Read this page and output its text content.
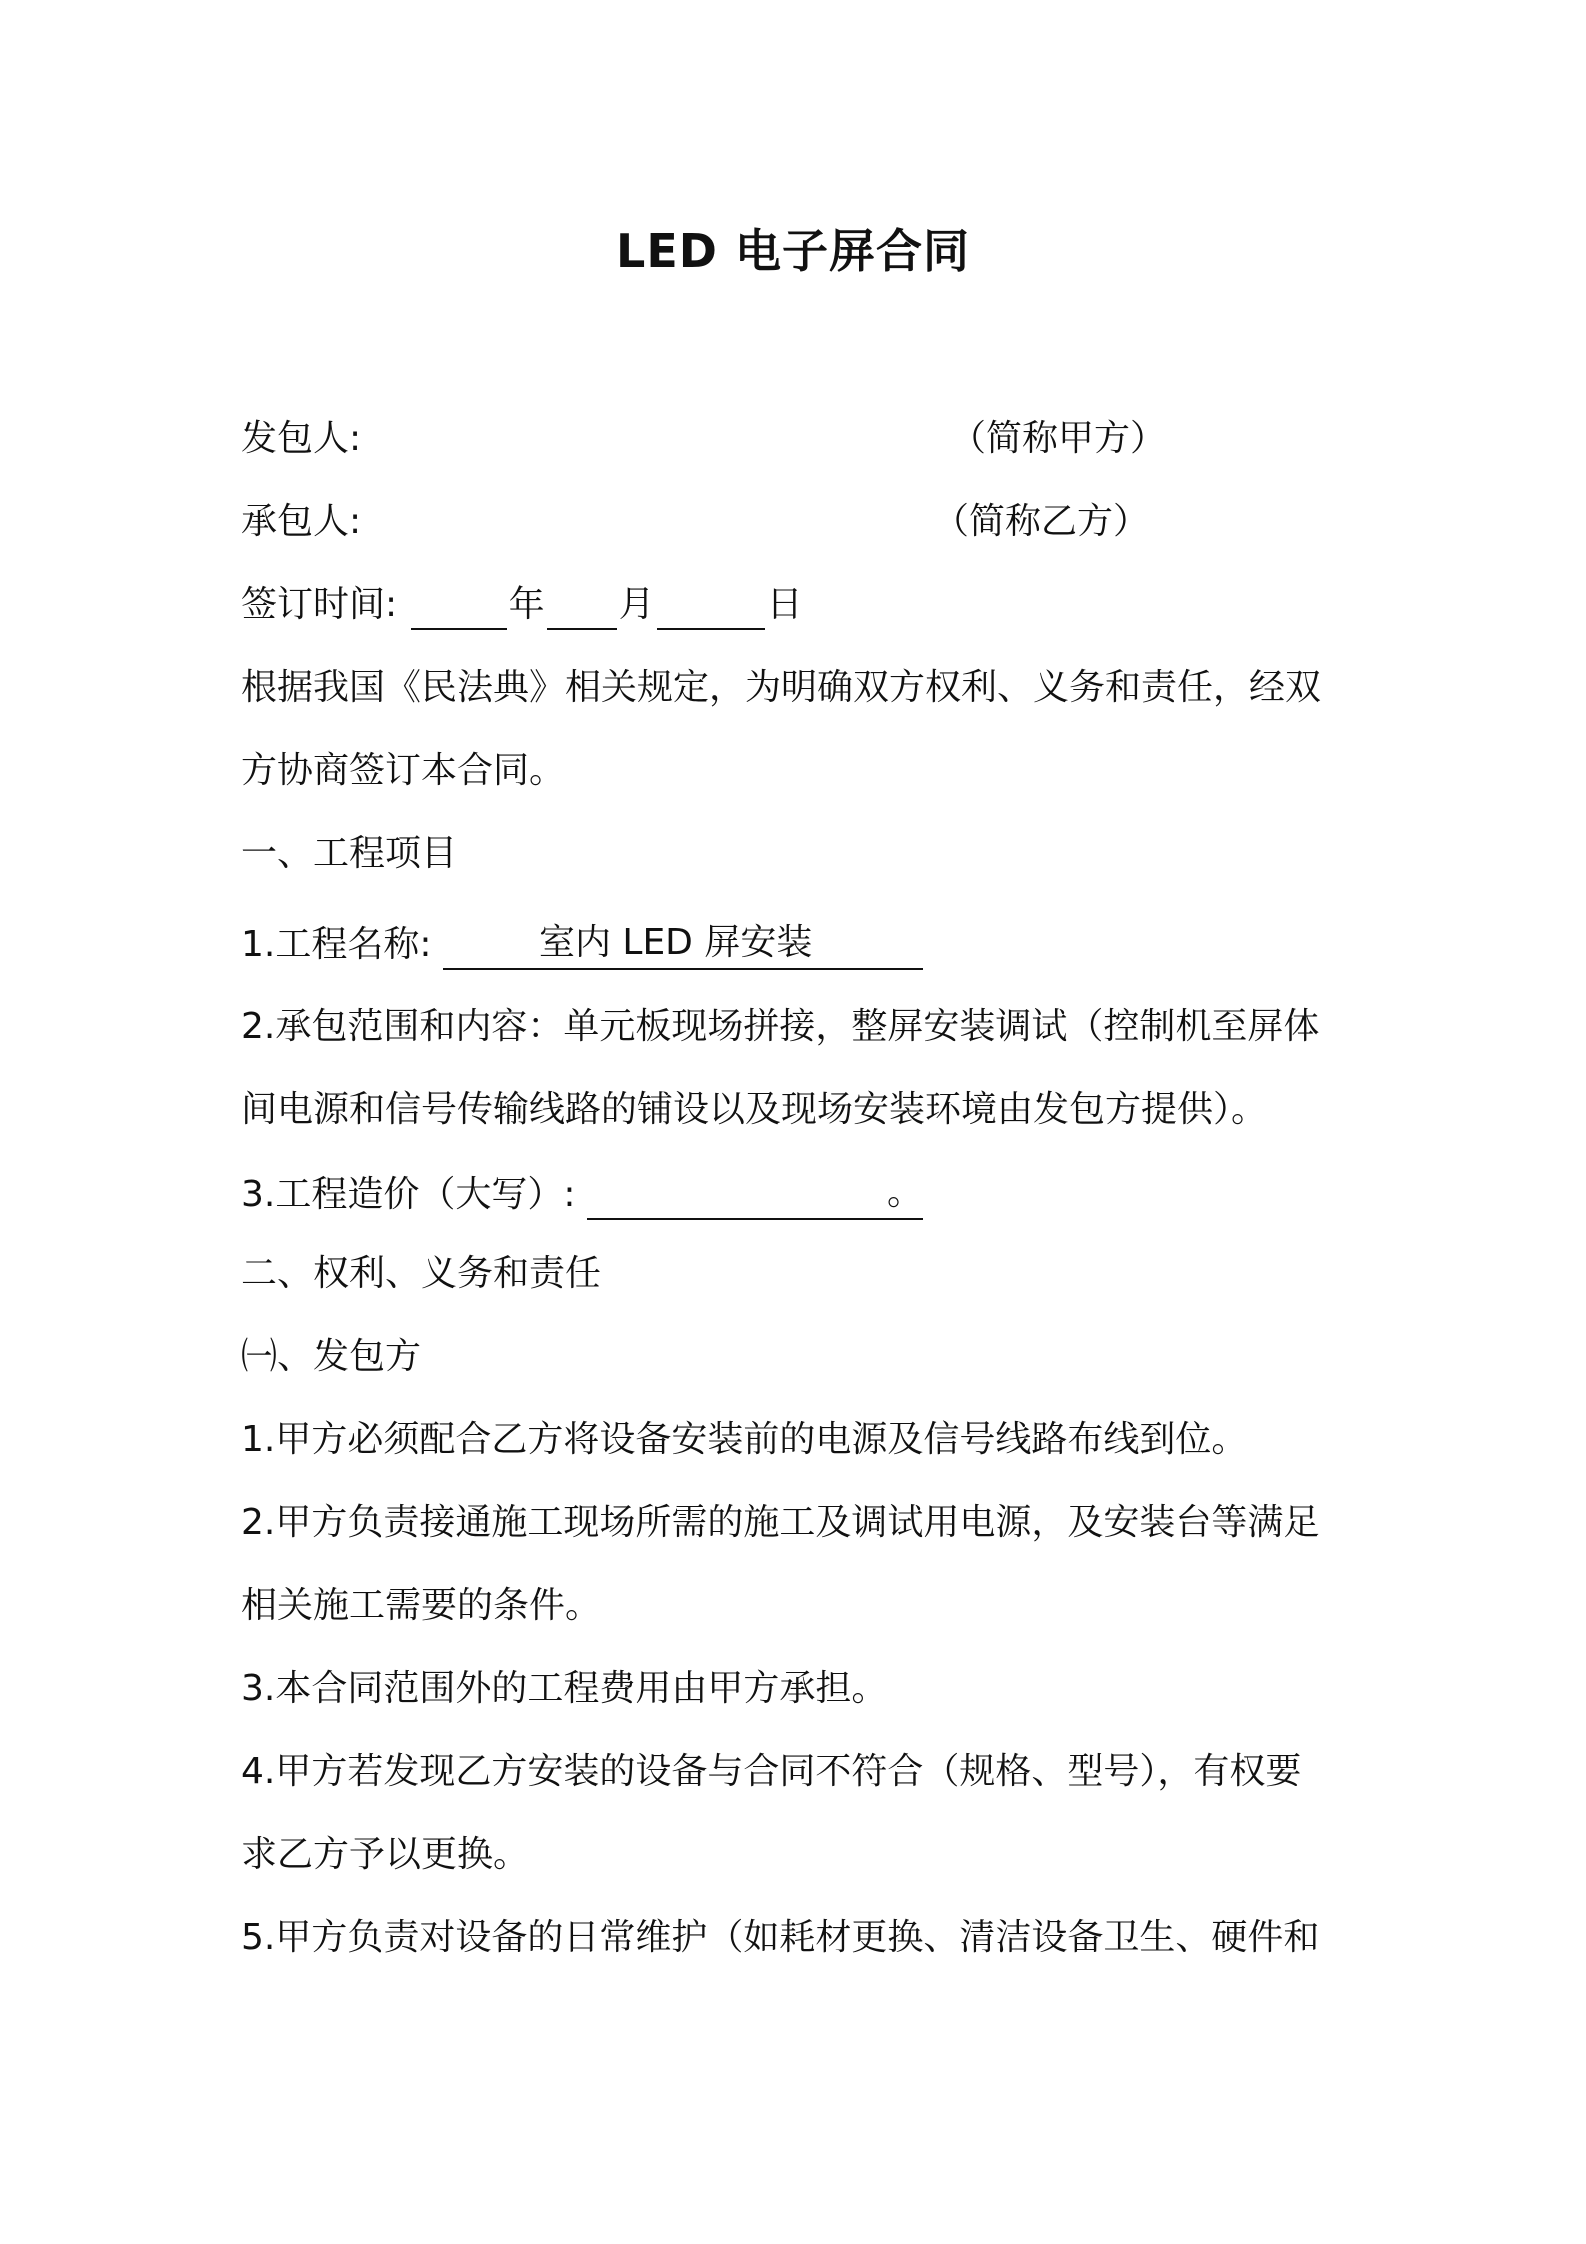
LED 电子屏合同
发包人:	（简称甲方）
承包人:	（简称乙方）
签订时间:	年 月	日
根据我国《民法典》相关规定，为明确双方权利、义务和责任，经双
方协商签订本合同。
一、工程项目
1.工程名称:	室内 LED 屏安装
2.承包范围和内容：单元板现场拼接，整屏安装调试（控制机至屏体
间电源和信号传输线路的铺设以及现场安装环境由发包方提供）。
3.工程造价（大写）:	。
二、权利、义务和责任
㈠、发包方
1.甲方必须配合乙方将设备安装前的电源及信号线路布线到位。
2.甲方负责接通施工现场所需的施工及调试用电源，及安装台等满足
相关施工需要的条件。
3.本合同范围外的工程费用由甲方承担。
4.甲方若发现乙方安装的设备与合同不符合（规格、型号），有权要
求乙方予以更换。
5.甲方负责对设备的日常维护（如耗材更换、清洁设备卫生、硬件和
